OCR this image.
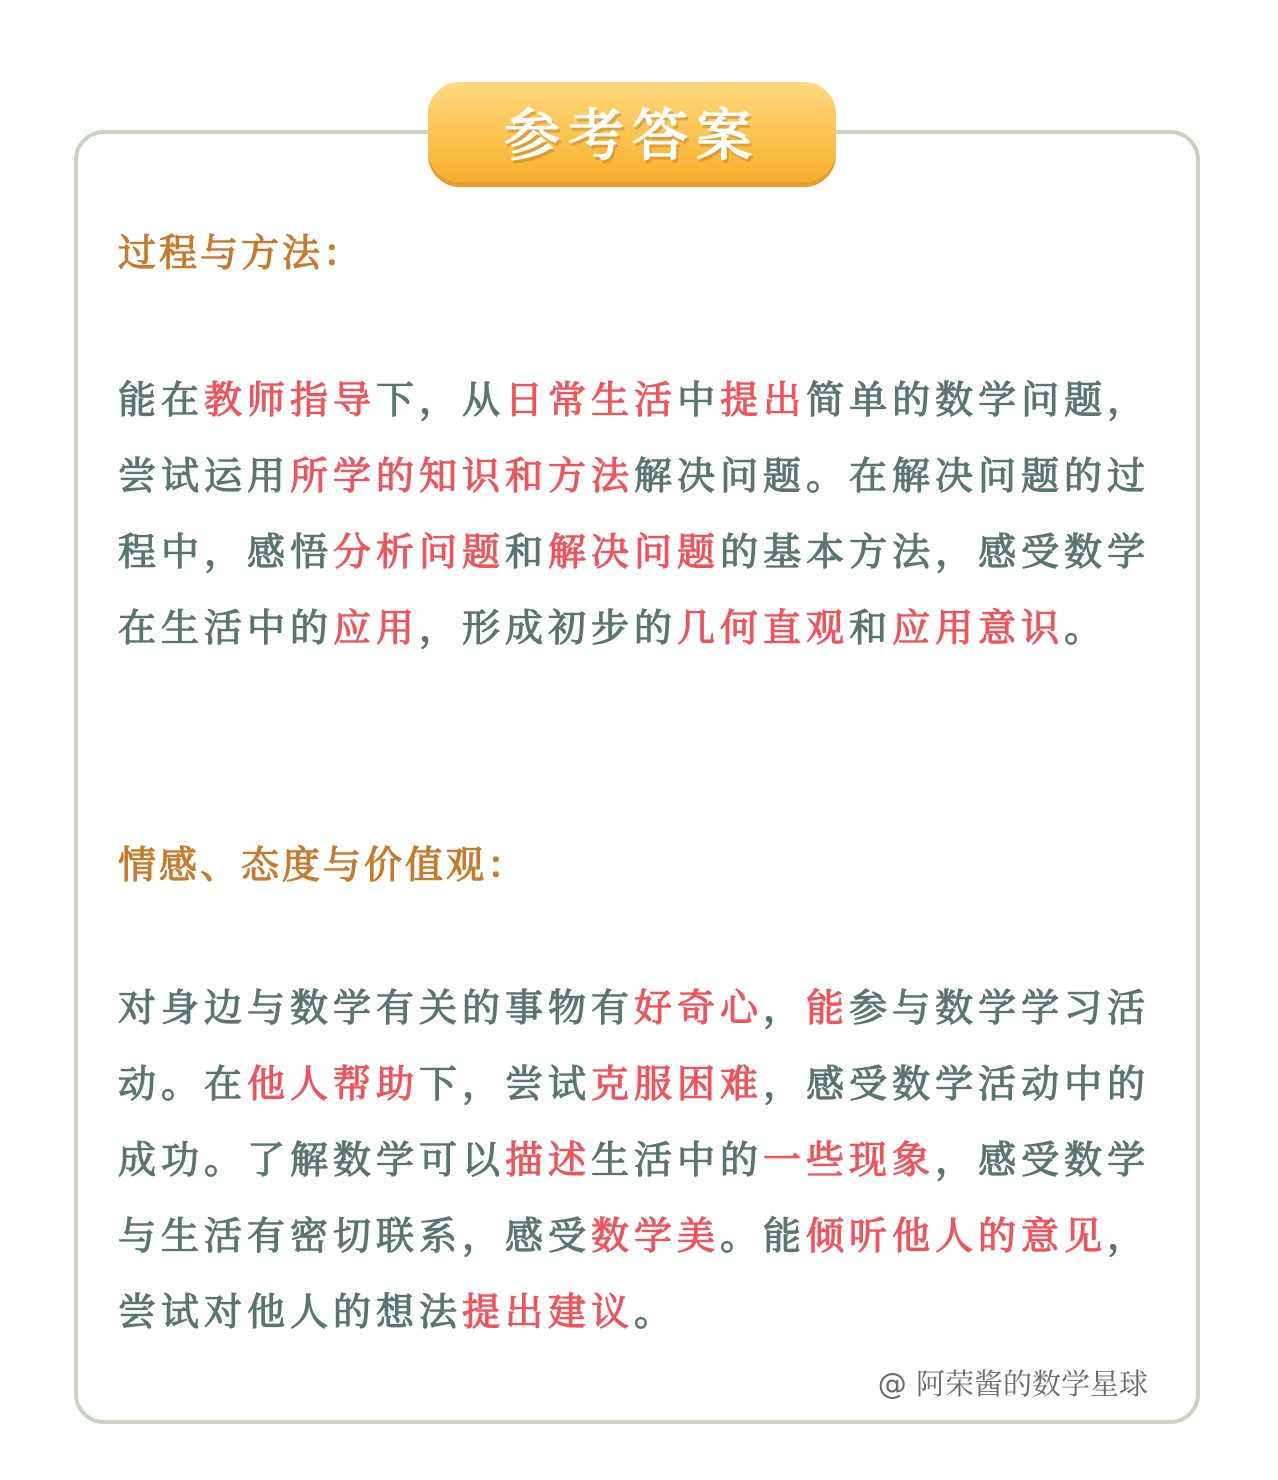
参考答案
过程与方法：

能在教师指导下，从日常生活中提出简单的数学问题，尝试运用所学的知识和方法解决问题。在解决问题的过程中，感悟分析问题和解决问题的基本方法，感受数学在生活中的应用，形成初步的几何直观和应用意识。

情感、态度与价值观：

对身边与数学有关的事物有好奇心，能参与数学学习活动。在他人帮助下，尝试克服困难，感受数学活动中的成功。了解数学可以描述生活中的一些现象，感受数学与生活有密切联系，感受数学美。能倾听他人的意见，尝试对他人的想法提出建议。

@ 阿荣酱的数学星球
